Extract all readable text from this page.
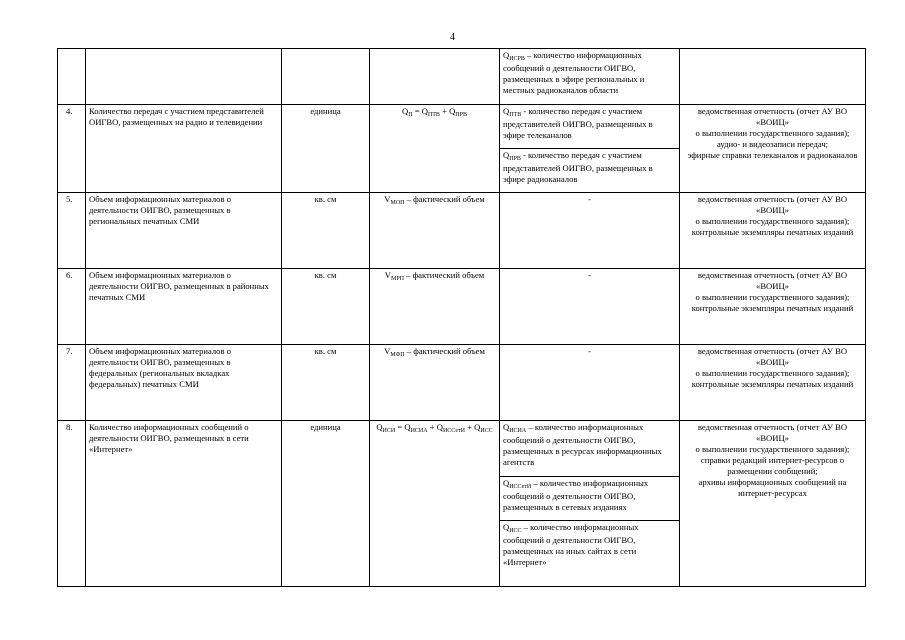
4
				$Q_{ИСРВ}$ – количество информационных сообщений о деятельности ОИГВО, размещенных в эфире региональных и местных радиоканалов области	
4.	Количество передач с участием представителей ОИГВО, размещенных на радио и телевидении	единица	$Q_П = Q_{ПТВ} + Q_{ПРВ}$	$Q_{ПТВ}$ - количество передач с участием представителей ОИГВО, размещенных в эфире телеканалов	ведомственная отчетность (отчет АУ ВО «ВОИЦ»
о выполнении государственного задания);
аудио- и видеозаписи передач;
эфирные справки телеканалов и радиоканалов

				$Q_{ПРВ}$ - количество передач с участием представителей ОИГВО, размещенных в эфире радиоканалов	
5.	Объем информационных материалов о деятельности ОИГВО, размещенных в региональных печатных СМИ	кв. см	$V_{МОП}$ – фактический объем	-	ведомственная отчетность (отчет АУ ВО «ВОИЦ»
о выполнении государственного задания);
контрольные экземпляры печатных изданий

6.	Объем информационных материалов о деятельности ОИГВО, размещенных в районных печатных СМИ	кв. см	$V_{МРП}$ – фактический объем	-	ведомственная отчетность (отчет АУ ВО «ВОИЦ»
о выполнении государственного задания);
контрольные экземпляры печатных изданий

7.	Объем информационных материалов о деятельности ОИГВО, размещенных в федеральных (региональных вкладках федеральных) печатных СМИ	кв. см	$V_{МФП}$ – фактический объем	-	ведомственная отчетность (отчет АУ ВО «ВОИЦ»
о выполнении государственного задания);
контрольные экземпляры печатных изданий

8.	Количество информационных сообщений о деятельности ОИГВО, размещенных в сети «Интернет»	единица	$Q_{ИСИ} = Q_{ИСИА} + Q_{ИССетИ} + Q_{ИСС}$	$Q_{ИСИА}$ – количество информационных сообщений о деятельности ОИГВО, размещенных в ресурсах информационных агентств	ведомственная отчетность (отчет АУ ВО «ВОИЦ»
о выполнении государственного задания);
справки редакций интернет-ресурсов о размещении сообщений;
архивы информационных сообщений на интернет-ресурсах

				$Q_{ИССетИ}$ – количество информационных сообщений о деятельности ОИГВО, размещенных в сетевых изданиях	
				$Q_{ИСС}$ – количество информационных сообщений о деятельности ОИГВО, размещенных на иных сайтах в сети «Интернет»	
